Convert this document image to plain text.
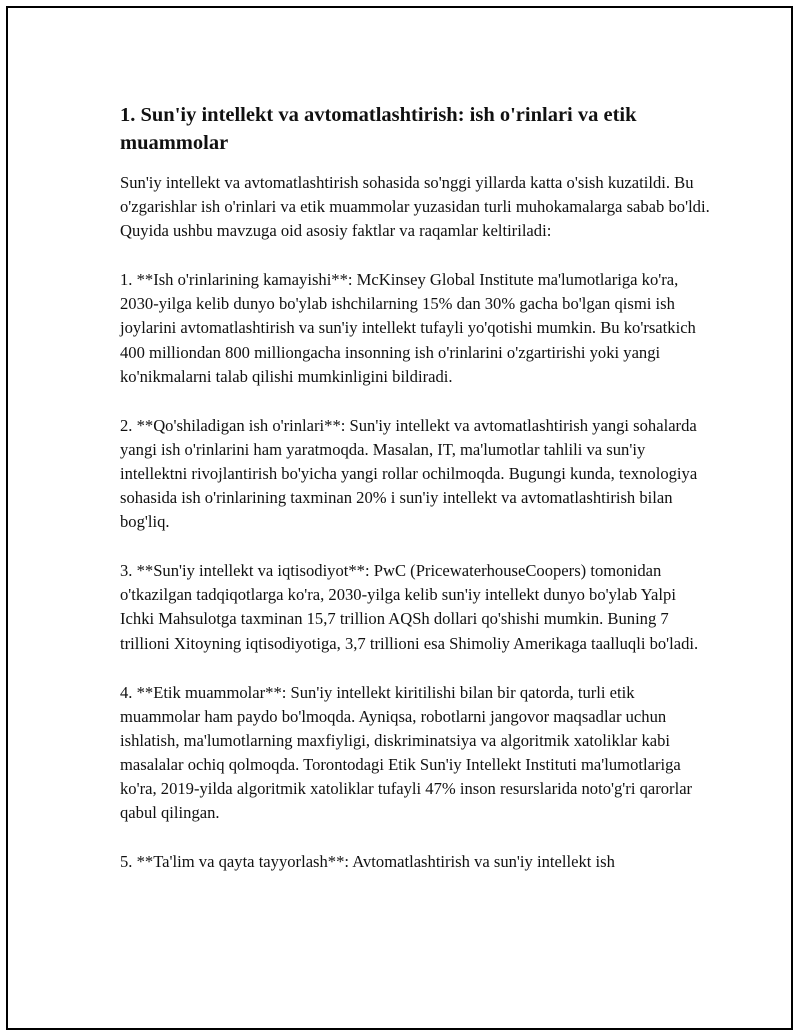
1. Sun'iy intellekt va avtomatlashtirish: ish o'rinlari va etik muammolar

Sun'iy intellekt va avtomatlashtirish sohasida so'nggi yillarda katta o'sish kuzatildi. Bu o'zgarishlar ish o'rinlari va etik muammolar yuzasidan turli muhokamalarga sabab bo'ldi. Quyida ushbu mavzuga oid asosiy faktlar va raqamlar keltiriladi:

1. **Ish o'rinlarining kamayishi**: McKinsey Global Institute ma'lumotlariga ko'ra, 2030-yilga kelib dunyo bo'ylab ishchilarning 15% dan 30% gacha bo'lgan qismi ish joylarini avtomatlashtirish va sun'iy intellekt tufayli yo'qotishi mumkin. Bu ko'rsatkich 400 milliondan 800 milliongacha insonning ish o'rinlarini o'zgartirishi yoki yangi ko'nikmalarni talab qilishi mumkinligini bildiradi.

2. **Qo'shiladigan ish o'rinlari**: Sun'iy intellekt va avtomatlashtirish yangi sohalarda yangi ish o'rinlarini ham yaratmoqda. Masalan, IT, ma'lumotlar tahlili va sun'iy intellektni rivojlantirish bo'yicha yangi rollar ochilmoqda. Bugungi kunda, texnologiya sohasida ish o'rinlarining taxminan 20% i sun'iy intellekt va avtomatlashtirish bilan bog'liq.

3. **Sun'iy intellekt va iqtisodiyot**: PwC (PricewaterhouseCoopers) tomonidan o'tkazilgan tadqiqotlarga ko'ra, 2030-yilga kelib sun'iy intellekt dunyo bo'ylab Yalpi Ichki Mahsulotga taxminan 15,7 trillion AQSh dollari qo'shishi mumkin. Buning 7 trillioni Xitoyning iqtisodiyotiga, 3,7 trillioni esa Shimoliy Amerikaga taalluqli bo'ladi.

4. **Etik muammolar**: Sun'iy intellekt kiritilishi bilan bir qatorda, turli etik muammolar ham paydo bo'lmoqda. Ayniqsa, robotlarni jangovor maqsadlar uchun ishlatish, ma'lumotlarning maxfiyligi, diskriminatsiya va algoritmik xatoliklar kabi masalalar ochiq qolmoqda. Torontodagi Etik Sun'iy Intellekt Instituti ma'lumotlariga ko'ra, 2019-yilda algoritmik xatoliklar tufayli 47% inson resurslarida noto'g'ri qarorlar qabul qilingan.

5. **Ta'lim va qayta tayyorlash**: Avtomatlashtirish va sun'iy intellekt ish
